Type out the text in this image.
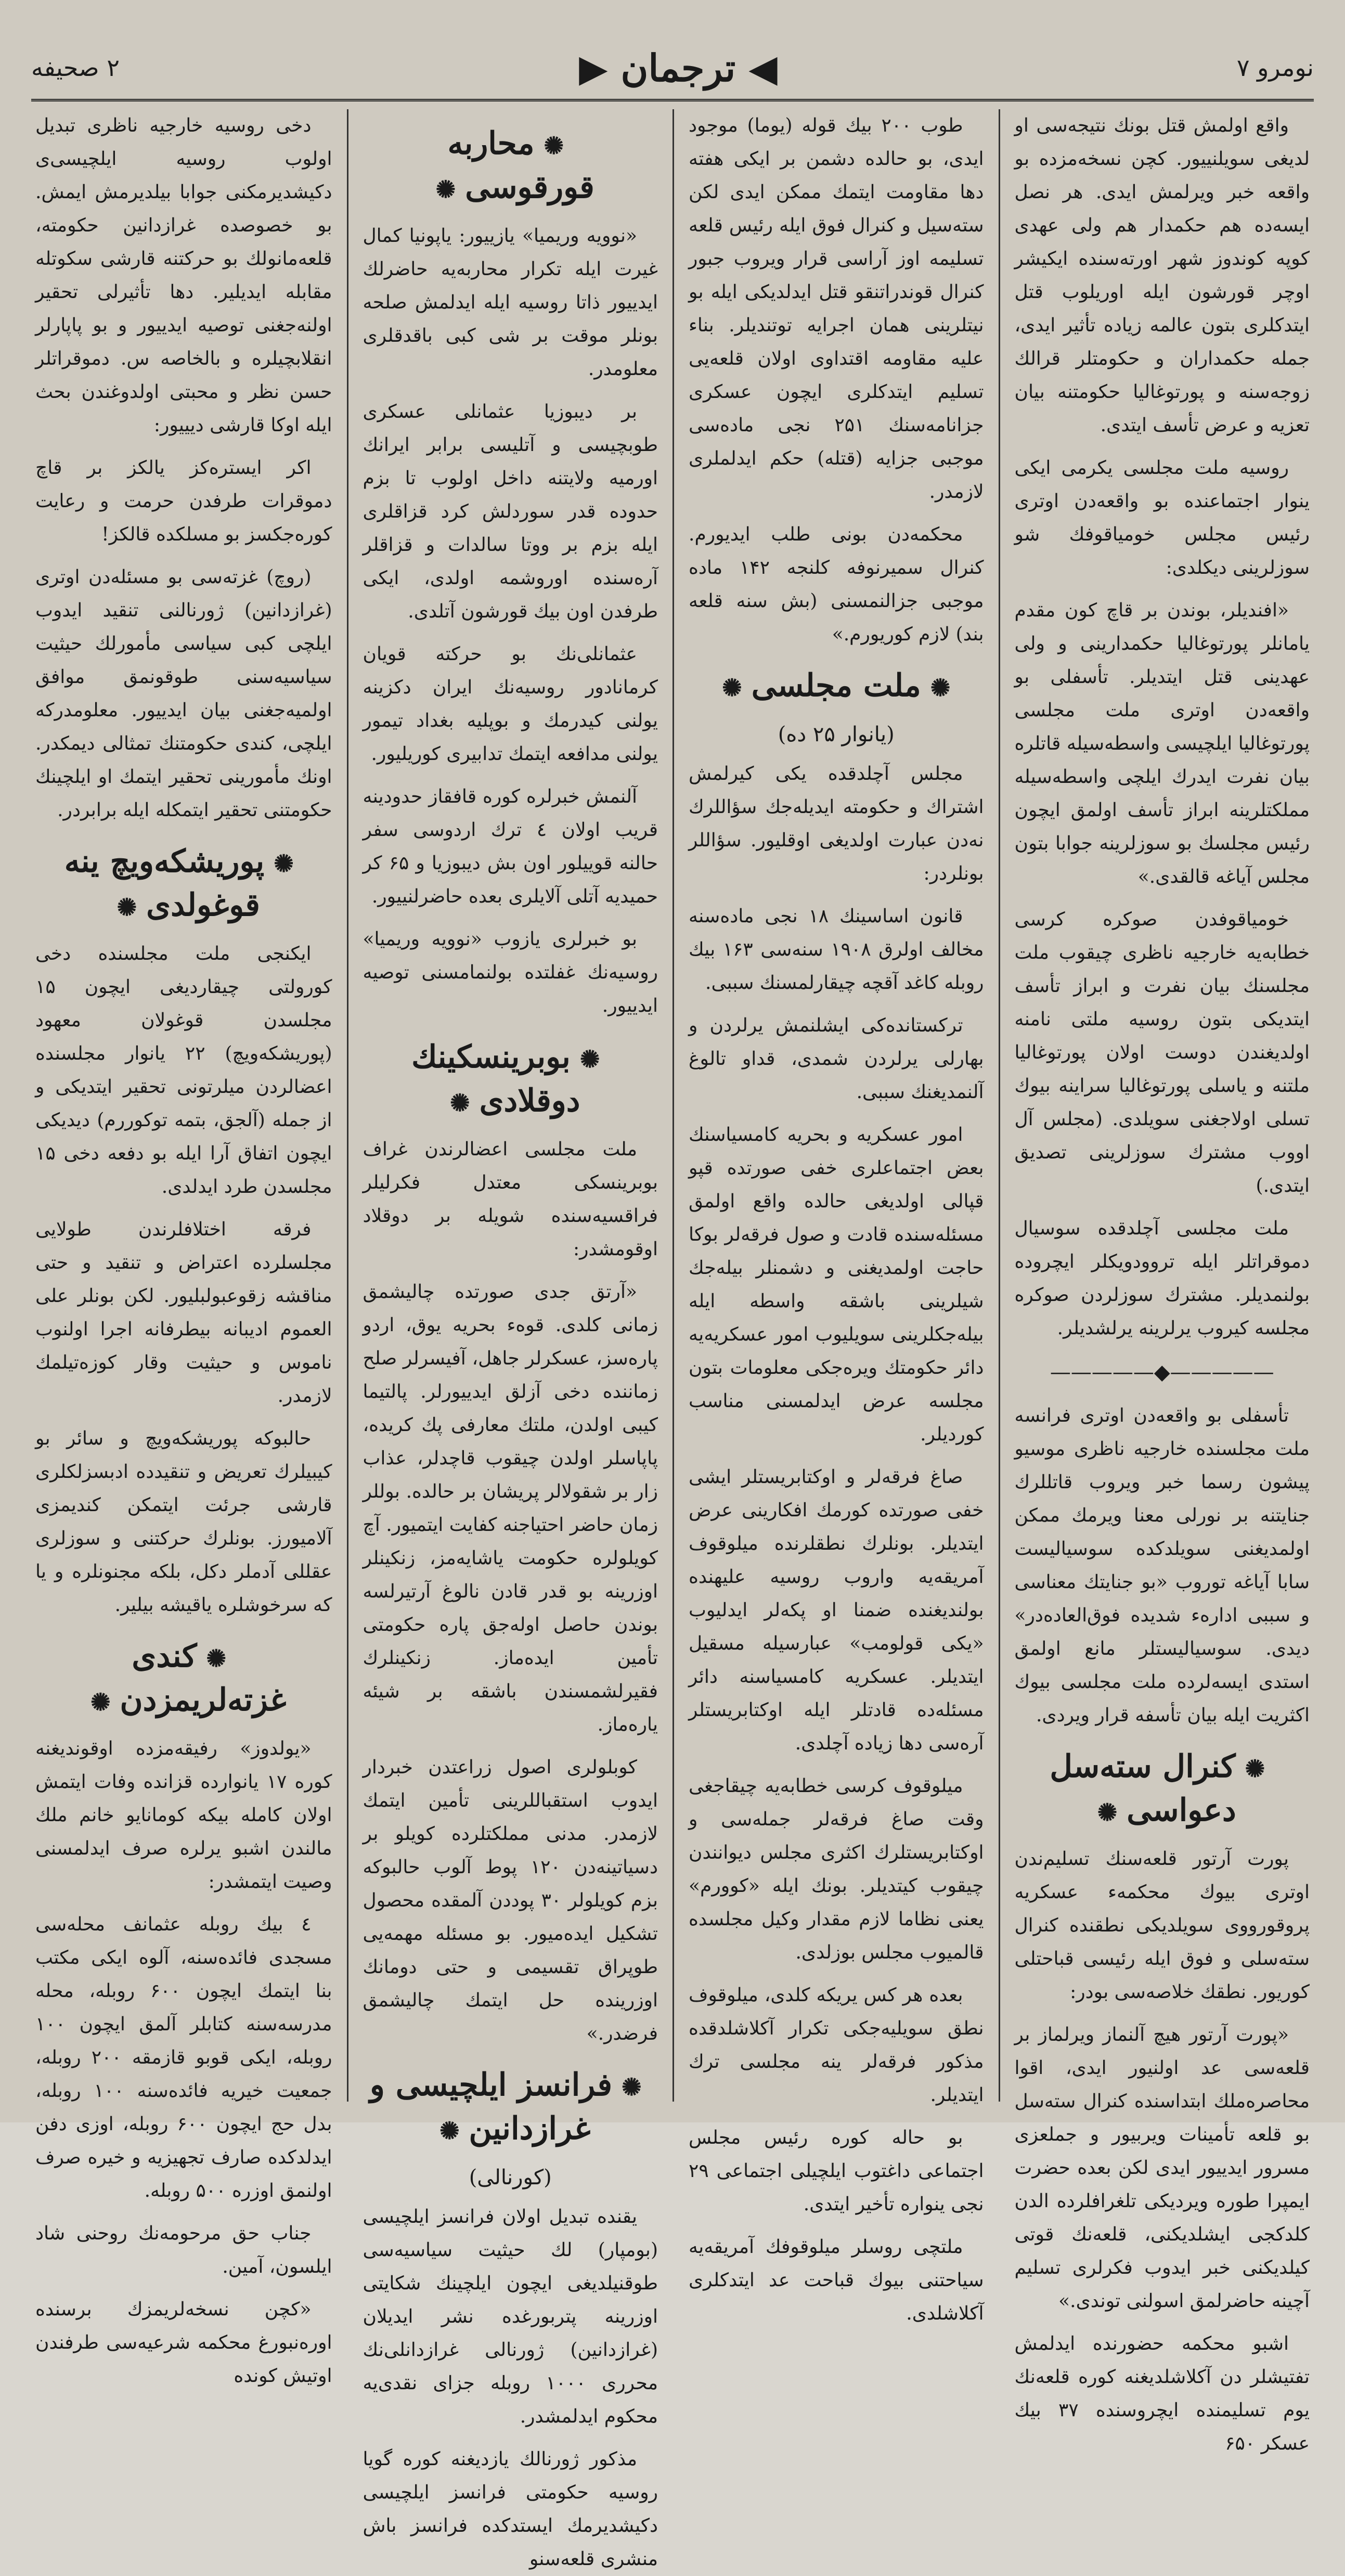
نومرو ۷
◀ ترجمان ▶
۲ صحیفه

واقع اولمش قتل بونك نتیجه‌سی او لدیغی سویلنییور. کچن نسخه‌مزده بو واقعه خبر ویرلمش ایدی. هر نصل ایسه‌ده هم حکمدار هم ولی عهدی کوپه کوندوز شهر اورته‌سنده ایکیشر اوچر قورشون ایله اوریلوب قتل ایتدکلری بتون عالمه زیاده تأثیر ایدی، جمله حکمداران و حکومتلر قرالك زوجه‌سنه و پورتوغالیا حکومتنه بیان تعزیه و عرض تأسف ایتدی.

روسیه ملت مجلسی یکرمی ایکی ینوار اجتماعنده بو واقعه‌دن اوتری رئیس مجلس خومیاقوفك شو سوزلرینی دیکلدی:

«افندیلر، بوندن بر قاچ کون مقدم یامانلر پورتوغالیا حکمدارینی و ولی عهدینی قتل ایتدیلر. تأسفلی بو واقعه‌دن اوتری ملت مجلسی پورتوغالیا ایلچیسی واسطه‌سیله قاتلره بیان نفرت ایدرك ایلچی واسطه‌سیله مملکتلرینه ابراز تأسف اولمق ایچون رئیس مجلسك بو سوزلرینه جوابا بتون مجلس آیاغه قالقدی.»

خومیاقوفدن صوکره کرسی خطابه‌یه خارجیه ناظری چیقوب ملت مجلسنك بیان نفرت و ابراز تأسف ایتدیکی بتون روسیه ملتی نامنه اولدیغندن دوست اولان پورتوغالیا ملتنه و یاسلی پورتوغالیا سراینه بیوك تسلی اولاجغنی سویلدی. (مجلس آل اووب مشترك سوزلرینی تصدیق ایتدی.)

ملت مجلسی آچلدقده سوسیال دموقراتلر ایله تروودویکلر ایچروده بولنمدیلر. مشترك سوزلردن صوکره مجلسه کیروب یرلرینه یرلشدیلر.

—————◆—————

تأسفلی بو واقعه‌دن اوتری فرانسه ملت مجلسنده خارجیه ناظری موسیو پیشون رسما خبر ویروب قاتللرك جنایتنه بر نورلی معنا ویرمك ممکن اولمدیغنی سویلدکده سوسیالیست سابا آیاغه توروب «بو جنایتك معناسی و سببی اداره‌ء شدیده فوق‌العاده‌در» دیدی. سوسیالیستلر مانع اولمق استدی ایسه‌لرده ملت مجلسی بیوك اکثریت ایله بیان تأسفه قرار ویردی.

✺کنرال سته‌سل دعواسی✺

پورت آرتور قلعه‌سنك تسلیم‌ندن اوتری بیوك محکمه‌ء عسکریه پروقورووی سویلدیکی نطقنده کنرال سته‌سلی و فوق ایله رئیسی قباحتلی کوریور. نطقك خلاصه‌سی بودر:

«پورت آرتور هیچ آلنماز ویرلماز بر قلعه‌سی عد اولنیور ایدی، اقوا محاصره‌ملك ابتداسنده کنرال سته‌سل بو قلعه تأمینات ویربیور و جملعزی مسرور ایدییور ایدی لکن بعده حضرت ایمپرا طوره ویردیکی تلغرافلرده الدن کلدکجی ایشلدیکنی، قلعه‌نك قوتی کیلدیکنی خبر ایدوب فکرلری تسلیم آچینه حاضرلمق اسولنی توندی.»

اشبو محکمه حضورنده ایدلمش تفتیشلر دن آکلاشلدیغنه کوره قلعه‌نك یوم تسلیمنده ایچروسنده ۳۷ بیك عسکر ۶۵۰

طوب ۲۰۰ بیك قوله (یوما) موجود ایدی، بو حالده دشمن بر ایکی هفته دها مقاومت ایتمك ممکن ایدی لکن سته‌سیل و کنرال فوق ایله رئیس قلعه تسلیمه اوز آراسی قرار ویروب جبور کنرال قوندراتنقو قتل ایدلدیکی ایله بو نیتلرینی همان اجرایه توتندیلر. بناء علیه مقاومه اقتداوی اولان قلعه‌یی تسلیم ایتدکلری ایچون عسکری جزانامه‌سنك ۲۵۱ نجی ماده‌سی موجبی جزایه (قتله) حکم ایدلملری لازمدر.

محکمه‌دن بونی طلب ایدیورم. کنرال سمیرنوفه کلنجه ۱۴۲ ماده موجبی جزالنمسنی (بش سنه قلعه بند) لازم کوریورم.»

✺ملت مجلسی✺
(یانوار ۲۵ ده)

مجلس آچلدقده یکی کیرلمش اشتراك و حکومته ایدیله‌جك سؤاللرك نه‌دن عبارت اولدیغی اوقلیور. سؤاللر بونلردر:

قانون اساسینك ۱۸ نجی ماده‌سنه مخالف اولرق ۱۹۰۸ سنه‌سی ۱۶۳ بیك روبله کاغد آقچه چیقارلمسنك سببی.

ترکستانده‌کی ایشلنمش یرلردن و بهارلی یرلردن شمدی، قداو تالوغ آلنمدیغنك سببی.

امور عسکریه و بحریه کامسیاسنك بعض اجتماعلری خفی صورتده قپو قپالی اولدیغی حالده واقع اولمق مسئله‌سنده قادت و صول فرقه‌لر بوکا حاجت اولمدیغنی و دشمنلر بیله‌جك شیلرینی باشقه واسطه ایله بیله‌جکلرینی سویلیوب امور عسکریه‌یه دائر حکومتك ویره‌جکی معلومات بتون مجلسه عرض ایدلمسنی مناسب کوردیلر.

صاغ فرقه‌لر و اوکتابریستلر ایشی خفی صورتده کورمك افکارینی عرض ایتدیلر. بونلرك نطقلرنده میلوقوف آمریقه‌یه واروب روسیه علیهنده بولندیغنده ضمنا او پکه‌لر ایدلیوب «یکی قولومب» عبارسیله مسقیل ایتدیلر. عسکریه کامسیاسنه دائر مسئله‌ده قادتلر ایله اوکتابریستلر آره‌سی دها زیاده آچلدی.

میلوقوف کرسی خطابه‌یه چیقاجغی وقت صاغ فرقه‌لر جمله‌سی و اوکتابریستلرك اکثری مجلس دیوانندن چیقوب کیتدیلر. بونك ایله «کوورم» یعنی نظاما لازم مقدار وکیل مجلسده قالمیوب مجلس بوزلدی.

بعده هر کس یریکه کلدی، میلوقوف نطق سویلیه‌جکی تکرار آکلاشلدقده مذکور فرقه‌لر ینه مجلسی ترك ایتدیلر.

بو حاله کوره رئیس مجلس اجتماعی داغتوب ایلچیلی اجتماعی ۲۹ نجی ینواره تأخیر ایتدی.

ملتچی روسلر میلوقوفك آمریقه‌یه سیاحتنی بیوك قباحت عد ایتدکلری آکلاشلدی.

✺محاربه قورقوسی✺

«نوویه وریمیا» یازییور: یاپونیا کمال غیرت ایله تکرار محاربه‌یه حاضرلك ایدییور ذاتا روسیه ایله ایدلمش صلحه بونلر موقت بر شی کبی باقدقلری معلومدر.

بر دیبوزیا عثمانلی عسکری طوبچیسی و آتلیسی برابر ایرانك اورمیه ولایتنه داخل اولوب تا بزم حدوده قدر سوردلش کرد قزاقلری ایله بزم بر ووتا سالدات و قزاقلر آره‌سنده اوروشمه اولدی، ایکی طرفدن اون بیك قورشون آتلدی.

عثمانلی‌نك بو حرکته قویان کرمانادور روسیه‌نك ایران دکزینه یولنی کیدرمك و بوپلیه بغداد تیمور یولنی مدافعه ایتمك تدابیری کوریلیور.

آلنمش خبرلره کوره قافقاز حدودینه قریب اولان ٤ ترك اردوسی سفر حالنه قوییلور اون بش دیبوزیا و ۶۵ کر حمیدیه آتلی آلایلری بعده حاضرلنییور.

بو خبرلری یازوب «نوویه وریمیا» روسیه‌نك غفلتده بولنمامسنی توصیه ایدییور.

✺بوبرینسکینك دوقلادی✺

ملت مجلسی اعضالرندن غراف بوبرینسکی معتدل فکرلیلر فراقسیه‌سنده شویله بر دوقلاد اوقومشدر:

«آرتق جدی صورتده چالیشمق زمانی کلدی. قوهء بحریه یوق، اردو پاره‌سز، عسکرلر جاهل، آفیسرلر صلح زماننده دخی آزلق ایدییورلر. پالتیما کیبی اولدن، ملتك معارفی پك کریده، پاپاسلر اولدن چیقوب قاچدلر، عذاب زار بر شقولالر پریشان بر حالده. بوللر زمان حاضر احتیاجنه کفایت ایتمیور. آچ کویلولره حکومت یاشایه‌مز، زنکینلر اوزرینه بو قدر قادن نالوغ آرتیرلسه بوندن حاصل اوله‌جق پاره حکومتی تأمین ایده‌ماز. زنکینلرك فقیرلشمسندن باشقه بر شیئه یاره‌ماز.

کوبلولری اصول زراعتدن خبردار ایدوب استقباللرینی تأمین ایتمك لازمدر. مدنی مملکتلرده کویلو بر دسیاتینه‌دن ۱۲۰ پوط آلوب حالبوکه بزم کویلولر ۳۰ پوددن آلمقده محصول تشکیل ایده‌میور. بو مسئله مهمه‌یی طوپراق تقسیمی و حتی دومانك اوزرینده حل ایتمك چالیشمق فرضدر.»

✺فرانسز ایلچیسی و غرازدانین✺
(کورنالی)

یقنده تبدیل اولان فرانسز ایلچیسی (بومپار) لك حیثیت سیاسیه‌سی طوقنیلدیغی ایچون ایلچینك شکایتی اوزرینه پتربورغده نشر ایدیلان (غرازدانین) ژورنالی غرازدانلی‌نك محرری ۱۰۰۰ روبله جزای نقدی‌یه محکوم ایدلمشدر.

مذکور ژورنالك یازدیغنه کوره گویا روسیه حکومتی فرانسز ایلچیسی دکیشدیرمك ایستدکده فرانسز باش منشری قلعه‌سنو

دخی روسیه خارجیه ناظری تبدیل اولوب روسیه ایلچیسی‌ی دکیشدیرمکنی جوابا بیلدیرمش ایمش. بو خصوصده غرازدانین حکومته، قلعه‌مانولك بو حرکتنه قارشی سکوتله مقابله ایدیلیر. دها تأثیرلی تحقیر اولنه‌جغنی توصیه ایدییور و بو پاپارلر انقلابچیلره و بالخاصه س. دموقراتلر حسن نظر و محبتی اولدوغندن بحث ایله اوکا قارشی دیییور:

اکر ایستره‌کز یالکز بر قاچ دموقرات طرفدن حرمت و رعایت کوره‌جکسز بو مسلکده قالکز!

(روچ) غزته‌سی بو مسئله‌دن اوتری (غرازدانین) ژورنالنی تنقید ایدوب ایلچی کبی سیاسی مأمورلك حیثیت سیاسیه‌سنی طوقونمق موافق اولمیه‌جغنی بیان ایدییور. معلومدرکه ایلچی، کندی حکومتنك تمثالی دیمکدر. اونك مأمورینی تحقیر ایتمك او ایلچینك حکومتنی تحقیر ایتمکله ایله برابردر.

✺پوریشکه‌ویچ ینه قوغولدی✺

ایکنجی ملت مجلسنده دخی کورولتی چیقاردیغی ایچون ۱۵ مجلسدن قوغولان معهود (پوریشکه‌ویچ) ۲۲ یانوار مجلسنده اعضالردن میلرتونی تحقیر ایتدیکی و از جمله (آلجق، بتمه توکوررم) دیدیکی ایچون اتفاق آرا ایله بو دفعه دخی ۱۵ مجلسدن طرد ایدلدی.

فرقه اختلافلرندن طولایی مجلسلرده اعتراض و تنقید و حتی مناقشه زقوعبولبلیور. لکن بونلر علی العموم ادیبانه بیطرفانه اجرا اولنوب ناموس و حیثیت وقار کوزه‌تیلمك لازمدر.

حالبوکه پوریشکه‌ویچ و سائر بو کیبیلرك تعریض و تنقیدده ادبسزلکلری قارشی جرئت ایتمکن کندیمزی آلامیورز. بونلرك حرکتنی و سوزلری عقللی آدملر دکل، بلکه مجنونلره و یا که سرخوشلره یاقیشه بیلیر.

✺کندی غزته‌لریمزدن✺

«یولدوز» رفیقه‌مزده اوقوندیغنه کوره ۱۷ یانوارده قزانده وفات ایتمش اولان کامله بیکه کومانایو خانم ملك مالندن اشبو یرلره صرف ایدلمسنی وصیت ایتمشدر:

٤ بیك روبله عثمانف محله‌سی مسجدی فائده‌سنه، آلوه ایکی مکتب بنا ایتمك ایچون ۶۰۰ روبله، محله مدرسه‌سنه کتابلر آلمق ایچون ۱۰۰ روبله، ایکی قوبو قازمقه ۲۰۰ روبله، جمعیت خیریه فائده‌سنه ۱۰۰ روبله، بدل حج ایچون ۶۰۰ روبله، اوزی دفن ایدلدکده صارف تجهیزیه و خیره صرف اولنمق اوزره ۵۰۰ روبله.

جناب حق مرحومه‌نك روحنی شاد ایلسون، آمین.

«کچن نسخه‌لریمزك برسنده اوره‌نبورغ محکمه شرعیه‌سی طرفندن اوتیش کونده
